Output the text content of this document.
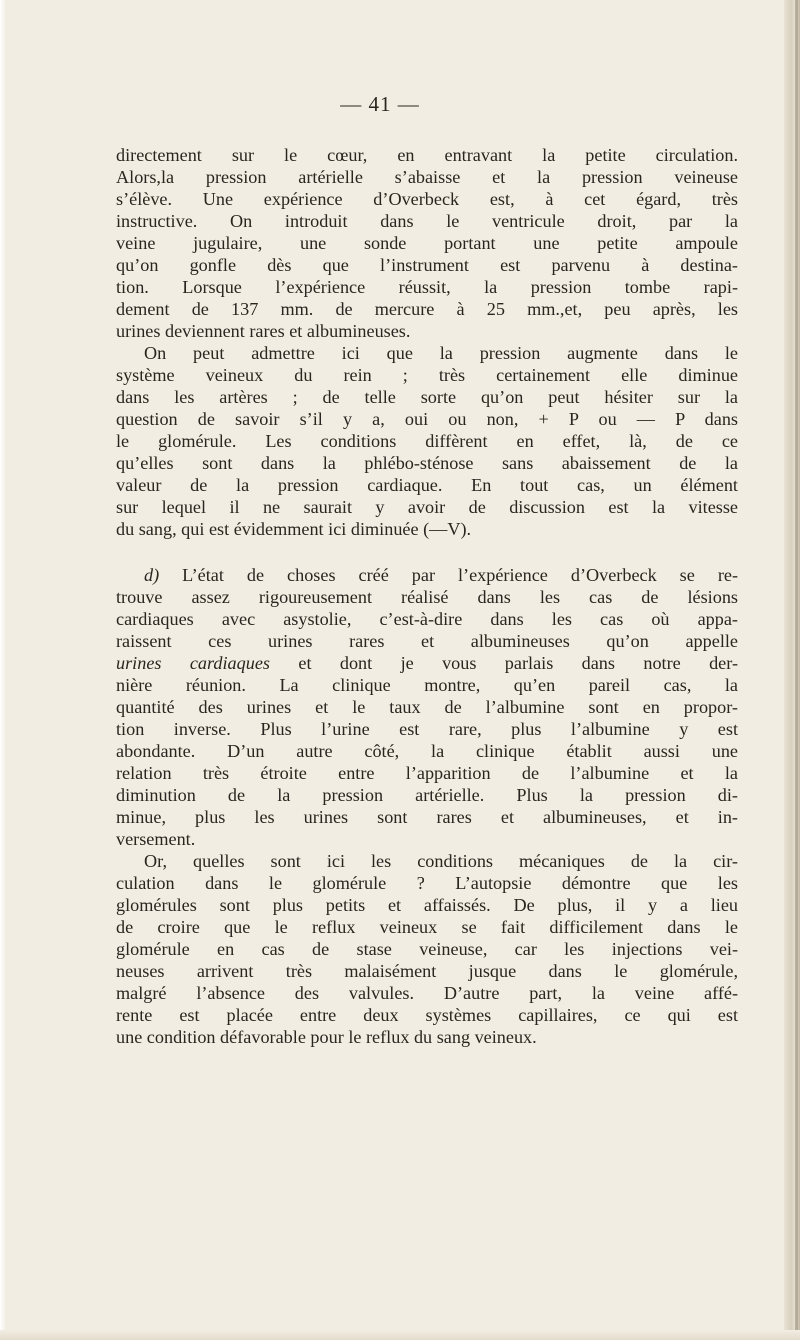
— 41 —
directement sur le cœur, en entravant la petite circulation.
Alors,la pression artérielle s’abaisse et la pression veineuse
s’élève. Une expérience d’Overbeck est, à cet égard, très
instructive. On introduit dans le ventricule droit, par la
veine jugulaire, une sonde portant une petite ampoule
qu’on gonfle dès que l’instrument est parvenu à destina-
tion. Lorsque l’expérience réussit, la pression tombe rapi-
dement de 137 mm. de mercure à 25 mm.,et, peu après, les
urines deviennent rares et albumineuses.
On peut admettre ici que la pression augmente dans le
système veineux du rein ; très certainement elle diminue
dans les artères ; de telle sorte qu’on peut hésiter sur la
question de savoir s’il y a, oui ou non, + P ou — P dans
le glomérule. Les conditions diffèrent en effet, là, de ce
qu’elles sont dans la phlébo-sténose sans abaissement de la
valeur de la pression cardiaque. En tout cas, un élément
sur lequel il ne saurait y avoir de discussion est la vitesse
du sang, qui est évidemment ici diminuée (—V).
d) L’état de choses créé par l’expérience d’Overbeck se re-
trouve assez rigoureusement réalisé dans les cas de lésions
cardiaques avec asystolie, c’est-à-dire dans les cas où appa-
raissent ces urines rares et albumineuses qu’on appelle
urines cardiaques et dont je vous parlais dans notre der-
nière réunion. La clinique montre, qu’en pareil cas, la
quantité des urines et le taux de l’albumine sont en propor-
tion inverse. Plus l’urine est rare, plus l’albumine y est
abondante. D’un autre côté, la clinique établit aussi une
relation très étroite entre l’apparition de l’albumine et la
diminution de la pression artérielle. Plus la pression di-
minue, plus les urines sont rares et albumineuses, et in-
versement.
Or, quelles sont ici les conditions mécaniques de la cir-
culation dans le glomérule ? L’autopsie démontre que les
glomérules sont plus petits et affaissés. De plus, il y a lieu
de croire que le reflux veineux se fait difficilement dans le
glomérule en cas de stase veineuse, car les injections vei-
neuses arrivent très malaisément jusque dans le glomérule,
malgré l’absence des valvules. D’autre part, la veine affé-
rente est placée entre deux systèmes capillaires, ce qui est
une condition défavorable pour le reflux du sang veineux.
